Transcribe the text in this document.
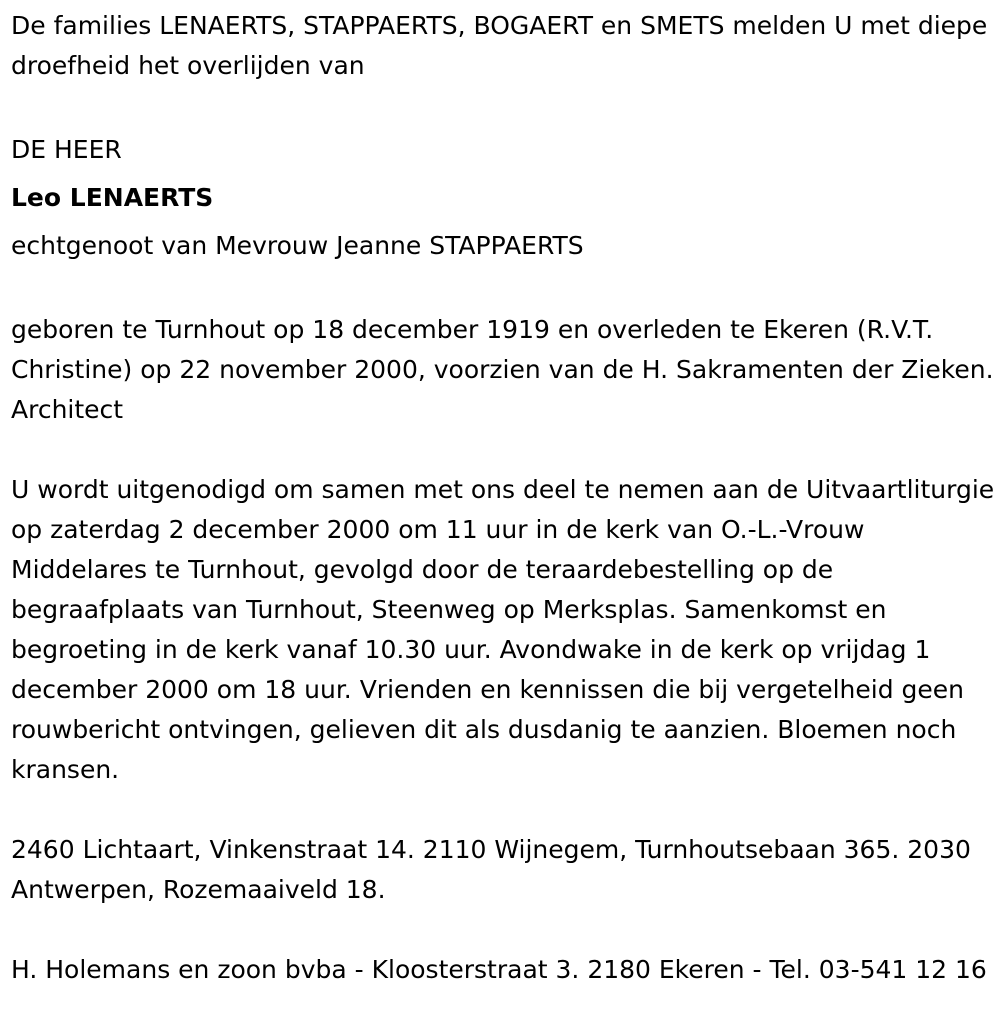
De families LENAERTS, STAPPAERTS, BOGAERT en SMETS melden U met diepe droefheid het overlijden van

DE HEER

Leo LENAERTS

echtgenoot van Mevrouw Jeanne STAPPAERTS

geboren te Turnhout op 18 december 1919 en overleden te Ekeren (R.V.T. Christine) op 22 november 2000, voorzien van de H. Sakramenten der Zieken. Architect

U wordt uitgenodigd om samen met ons deel te nemen aan de Uitvaartliturgie op zaterdag 2 december 2000 om 11 uur in de kerk van O.-L.-Vrouw Middelares te Turnhout, gevolgd door de teraardebestelling op de begraafplaats van Turnhout, Steenweg op Merksplas. Samenkomst en begroeting in de kerk vanaf 10.30 uur. Avondwake in de kerk op vrijdag 1 december 2000 om 18 uur. Vrienden en kennissen die bij vergetelheid geen rouwbericht ontvingen, gelieven dit als dusdanig te aanzien. Bloemen noch kransen.

2460 Lichtaart, Vinkenstraat 14. 2110 Wijnegem, Turnhoutsebaan 365. 2030 Antwerpen, Rozemaaiveld 18.

H. Holemans en zoon bvba - Kloosterstraat 3. 2180 Ekeren - Tel. 03-541 12 16
